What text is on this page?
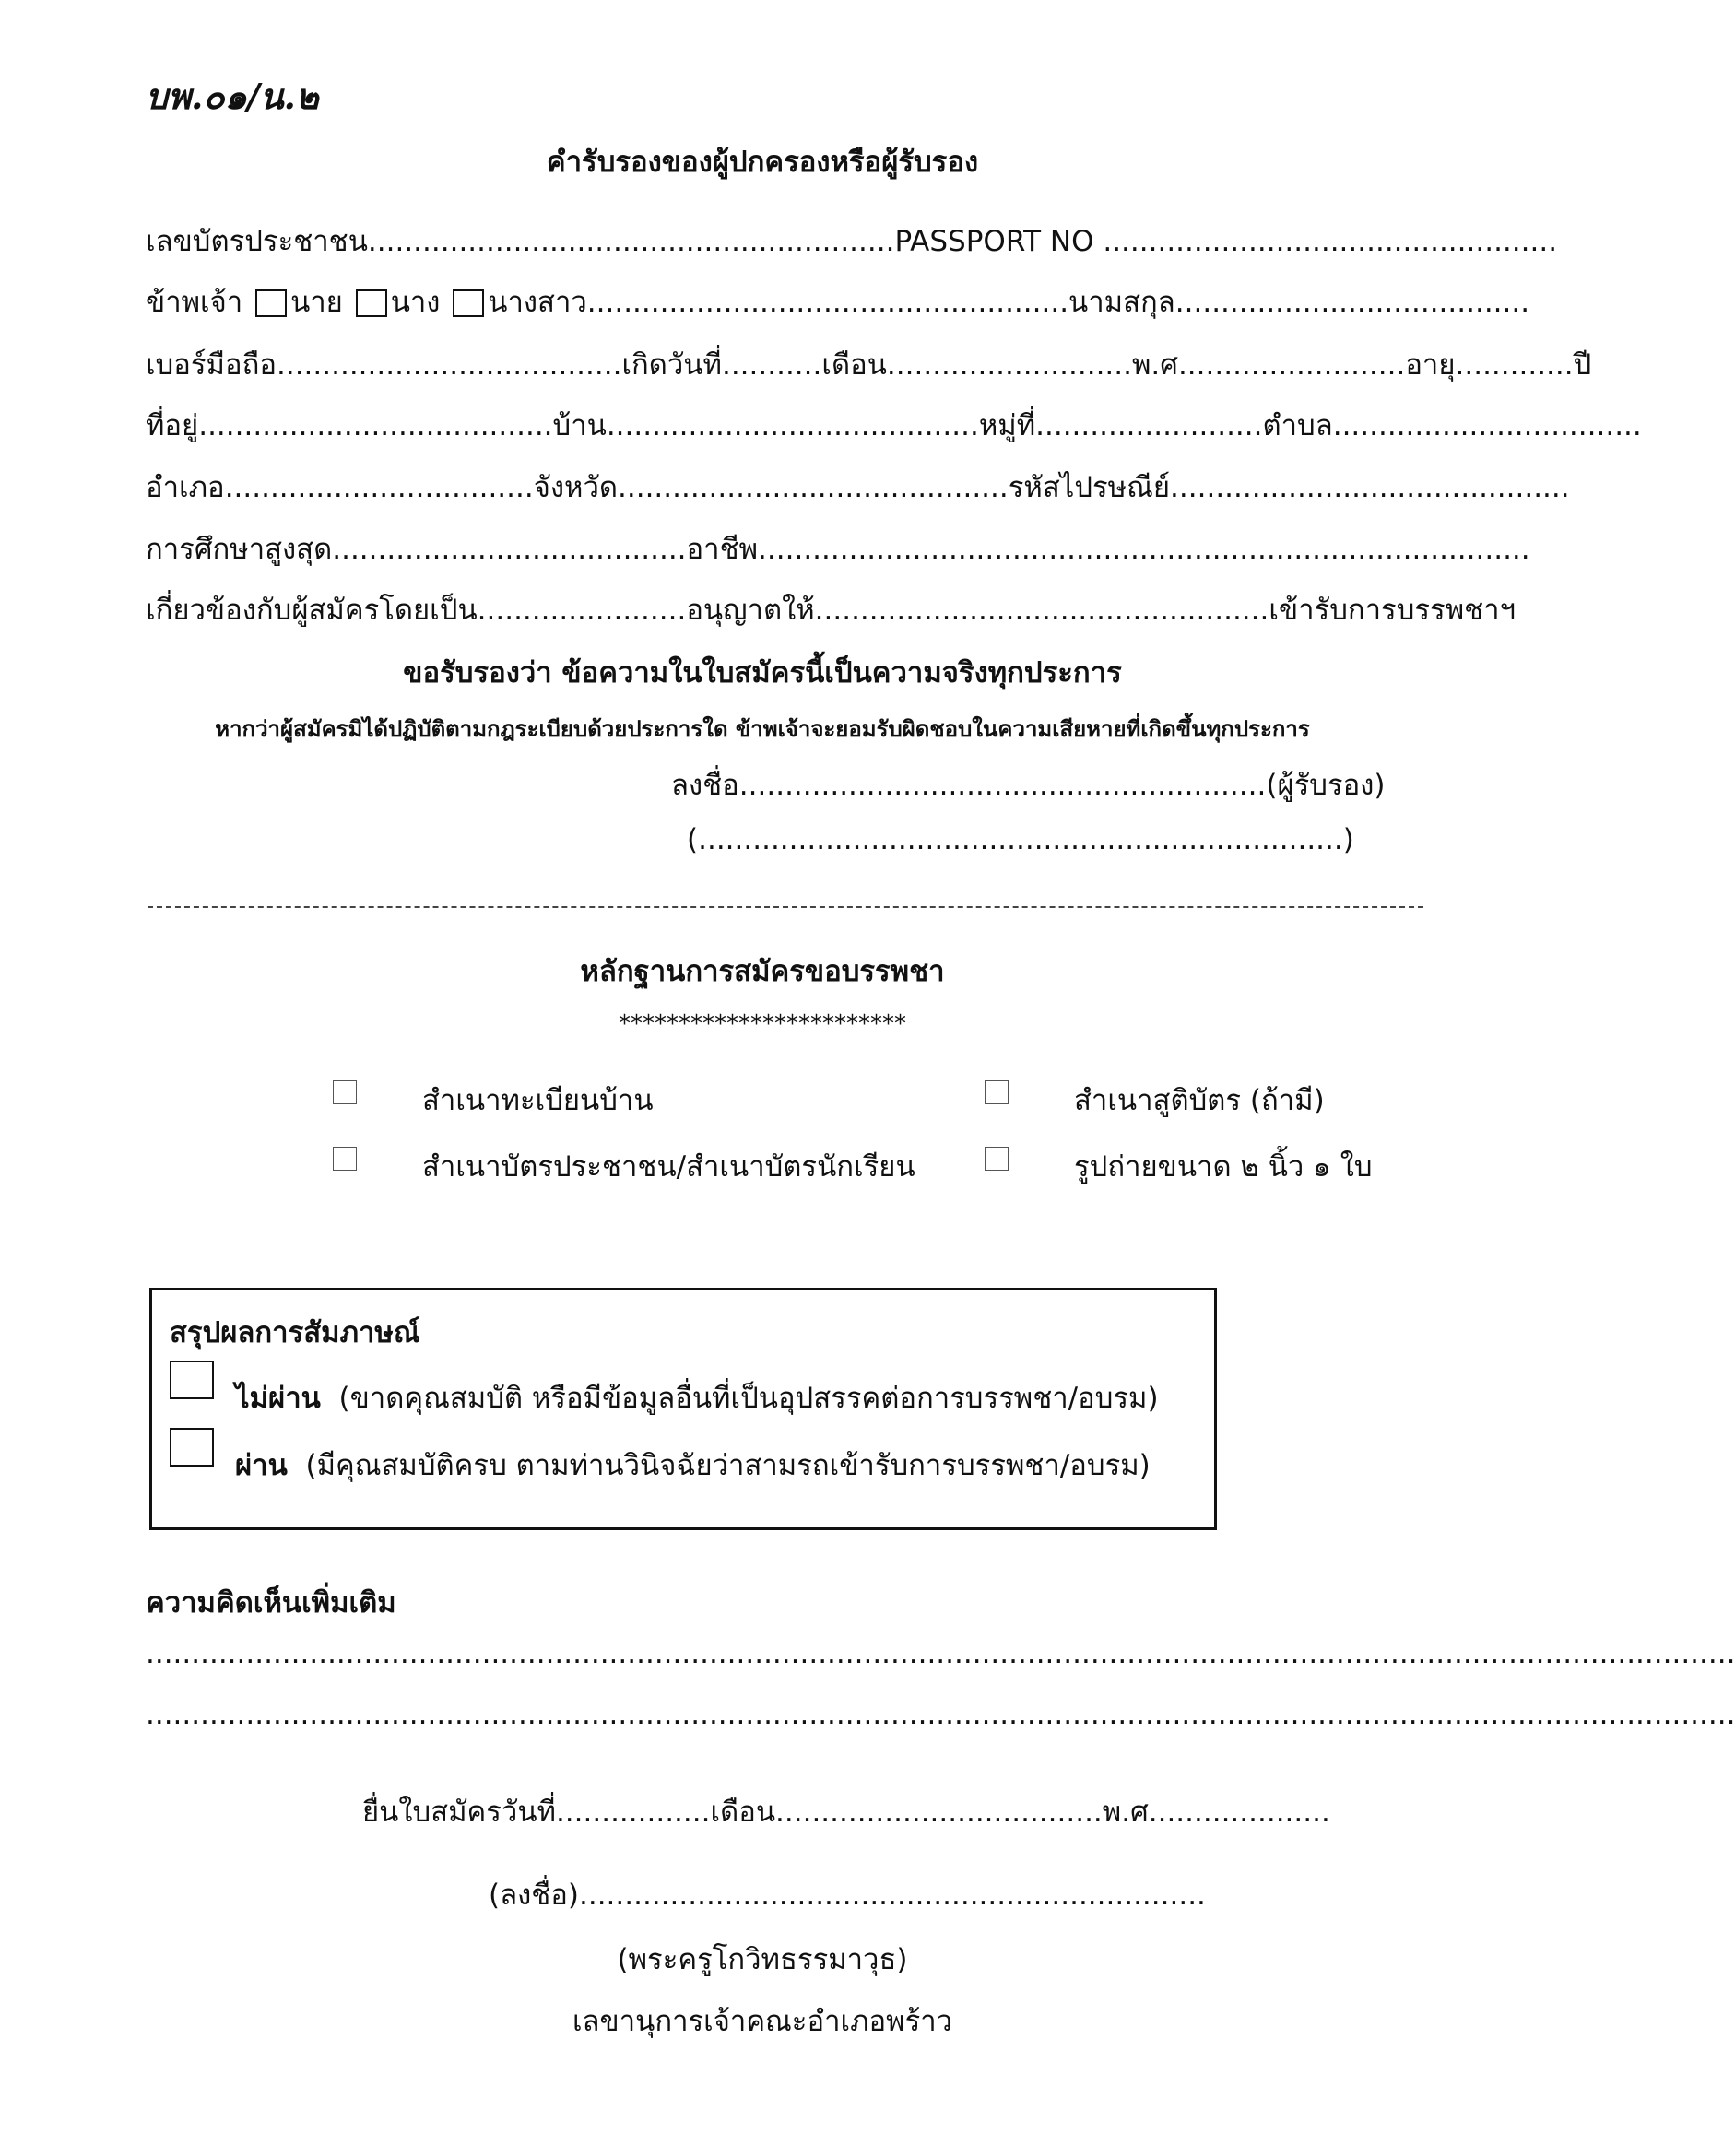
บพ.๐๑/น.๒
คำรับรองของผู้ปกครองหรือผู้รับรอง
เลขบัตรประชาชน..........................................................PASSPORT NO ..................................................
ข้าพเจ้า นาย นาง นางสาว.....................................................นามสกุล.......................................
เบอร์มือถือ......................................เกิดวันที่...........เดือน...........................พ.ศ.........................อายุ.............ปี
ที่อยู่.......................................บ้าน.........................................หมู่ที่.........................ตำบล..................................
อำเภอ..................................จังหวัด...........................................รหัสไปรษณีย์............................................
การศึกษาสูงสุด.......................................อาชีพ.....................................................................................
เกี่ยวข้องกับผู้สมัครโดยเป็น.......................อนุญาตให้..................................................เข้ารับการบรรพชาฯ
ขอรับรองว่า ข้อความในใบสมัครนี้เป็นความจริงทุกประการ
หากว่าผู้สมัครมิได้ปฏิบัติตามกฎระเบียบด้วยประการใด ข้าพเจ้าจะยอมรับผิดชอบในความเสียหายที่เกิดขึ้นทุกประการ
ลงชื่อ..........................................................(ผู้รับรอง)
(.......................................................................)
หลักฐานการสมัครขอบรรพชา
************************
สำเนาทะเบียนบ้าน	สำเนาสูติบัตร (ถ้ามี)
สำเนาบัตรประชาชน/สำเนาบัตรนักเรียน	รูปถ่ายขนาด ๒ นิ้ว ๑ ใบ
สรุปผลการสัมภาษณ์
ไม่ผ่าน (ขาดคุณสมบัติ หรือมีข้อมูลอื่นที่เป็นอุปสรรคต่อการบรรพชา/อบรม)
ผ่าน (มีคุณสมบัติครบ ตามท่านวินิจฉัยว่าสามรถเข้ารับการบรรพชา/อบรม)
ความคิดเห็นเพิ่มเติม
...............................................................................................................................................................................
...............................................................................................................................................................................
ยื่นใบสมัครวันที่.................เดือน....................................พ.ศ....................
(ลงชื่อ).....................................................................
(พระครูโกวิทธรรมาวุธ)
เลขานุการเจ้าคณะอำเภอพร้าว
